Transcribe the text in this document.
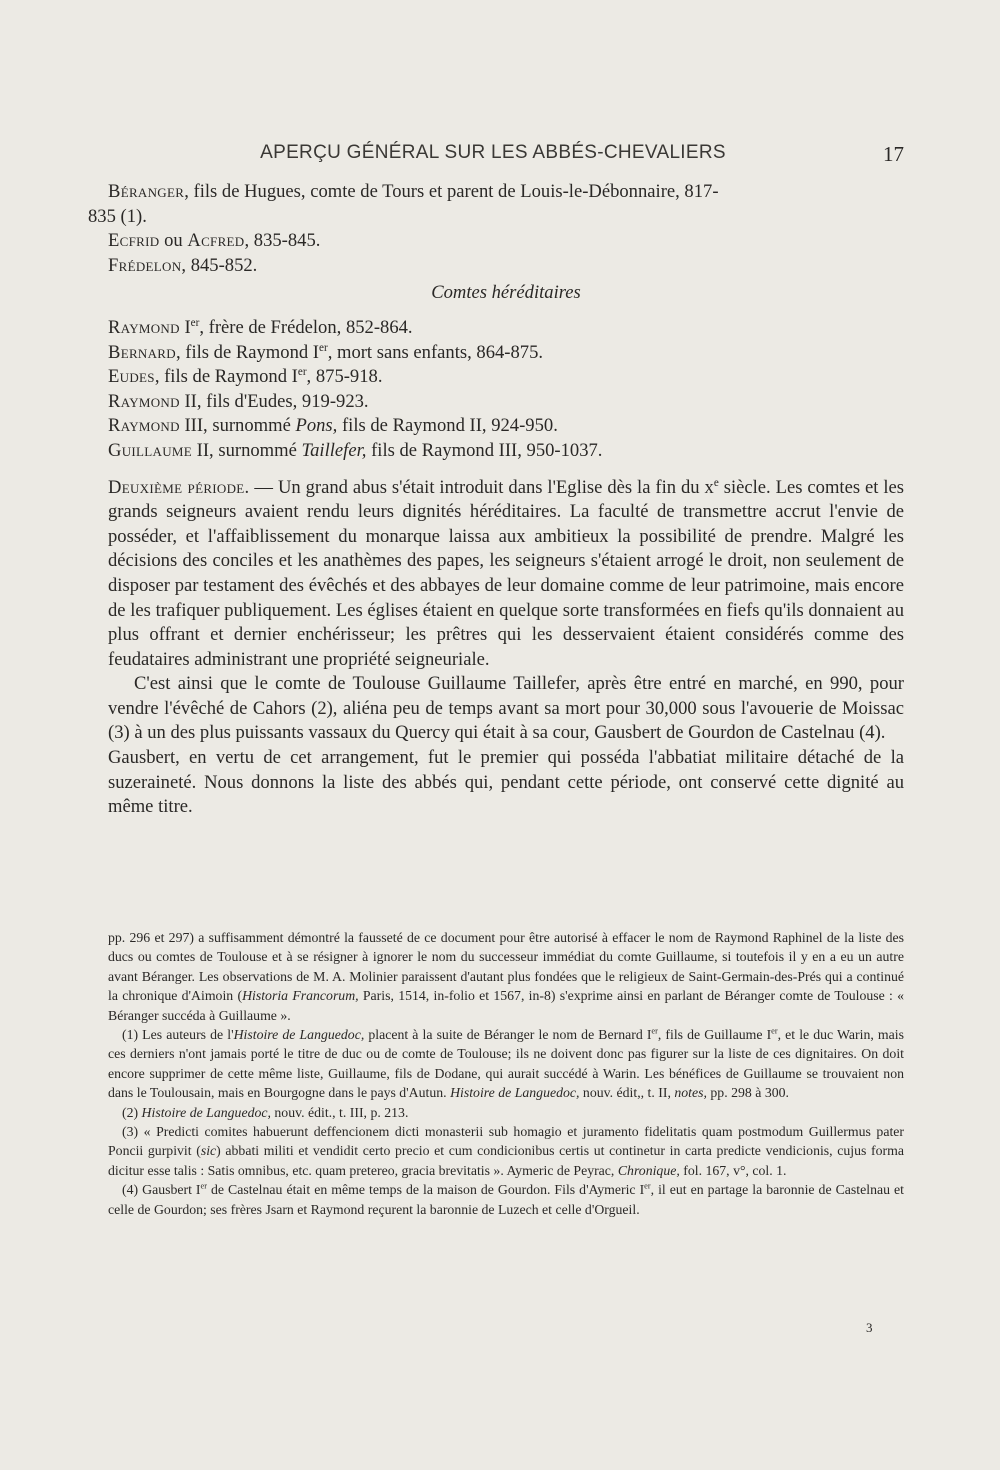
APERÇU GÉNÉRAL SUR LES ABBÉS-CHEVALIERS	17
Béranger, fils de Hugues, comte de Tours et parent de Louis-le-Débonnaire, 817-
835 (1).
Ecfrid ou Acfred, 835-845.
Frédelon, 845-852.
Comtes héréditaires
Raymond Ier, frère de Frédelon, 852-864.
Bernard, fils de Raymond Ier, mort sans enfants, 864-875.
Eudes, fils de Raymond Ier, 875-918.
Raymond II, fils d'Eudes, 919-923.
Raymond III, surnommé Pons, fils de Raymond II, 924-950.
Guillaume II, surnommé Taillefer, fils de Raymond III, 950-1037.

Deuxième période. — Un grand abus s'était introduit dans l'Eglise dès la fin du $x^e$ siècle. Les comtes et les grands seigneurs avaient rendu leurs dignités héréditaires. La faculté de transmettre accrut l'envie de posséder, et l'affaiblissement du monarque laissa aux ambitieux la possibilité de prendre. Malgré les décisions des conciles et les anathèmes des papes, les seigneurs s'étaient arrogé le droit, non seulement de disposer par testament des évêchés et des abbayes de leur domaine comme de leur patrimoine, mais encore de les trafiquer publiquement. Les églises étaient en quelque sorte transformées en fiefs qu'ils donnaient au plus offrant et dernier enchérisseur; les prêtres qui les desservaient étaient considérés comme des feudataires administrant une propriété seigneuriale.

C'est ainsi que le comte de Toulouse Guillaume Taillefer, après être entré en marché, en 990, pour vendre l'évêché de Cahors (2), aliéna peu de temps avant sa mort pour 30,000 sous l'avouerie de Moissac (3) à un des plus puissants vassaux du Quercy qui était à sa cour, Gausbert de Gourdon de Castelnau (4).

Gausbert, en vertu de cet arrangement, fut le premier qui posséda l'abbatiat militaire détaché de la suzeraineté. Nous donnons la liste des abbés qui, pendant cette période, ont conservé cette dignité au même titre.

pp. 296 et 297) a suffisamment démontré la fausseté de ce document pour être autorisé à effacer le nom de Raymond Raphinel de la liste des ducs ou comtes de Toulouse et à se résigner à ignorer le nom du successeur immédiat du comte Guillaume, si toutefois il y en a eu un autre avant Béranger. Les observations de M. A. Molinier paraissent d'autant plus fondées que le religieux de Saint-Germain-des-Prés qui a continué la chronique d'Aimoin (Historia Francorum, Paris, 1514, in-folio et 1567, in-8) s'exprime ainsi en parlant de Béranger comte de Toulouse : « Béranger succéda à Guillaume ».

(1) Les auteurs de l'Histoire de Languedoc, placent à la suite de Béranger le nom de Bernard Ier, fils de Guillaume Ier, et le duc Warin, mais ces derniers n'ont jamais porté le titre de duc ou de comte de Toulouse; ils ne doivent donc pas figurer sur la liste de ces dignitaires. On doit encore supprimer de cette même liste, Guillaume, fils de Dodane, qui aurait succédé à Warin. Les bénéfices de Guillaume se trouvaient non dans le Toulousain, mais en Bourgogne dans le pays d'Autun. Histoire de Languedoc, nouv. édit,, t. II, notes, pp. 298 à 300.

(2) Histoire de Languedoc, nouv. édit., t. III, p. 213.

(3) « Predicti comites habuerunt deffencionem dicti monasterii sub homagio et juramento fidelitatis quam postmodum Guillermus pater Poncii gurpivit (sic) abbati militi et vendidit certo precio et cum condicionibus certis ut continetur in carta predicte vendicionis, cujus forma dicitur esse talis : Satis omnibus, etc. quam pretereo, gracia brevitatis ». Aymeric de Peyrac, Chronique, fol. 167, v°, col. 1.

(4) Gausbert Ier de Castelnau était en même temps de la maison de Gourdon. Fils d'Aymeric Ier, il eut en partage la baronnie de Castelnau et celle de Gourdon; ses frères Jsarn et Raymond reçurent la baronnie de Luzech et celle d'Orgueil.

3
